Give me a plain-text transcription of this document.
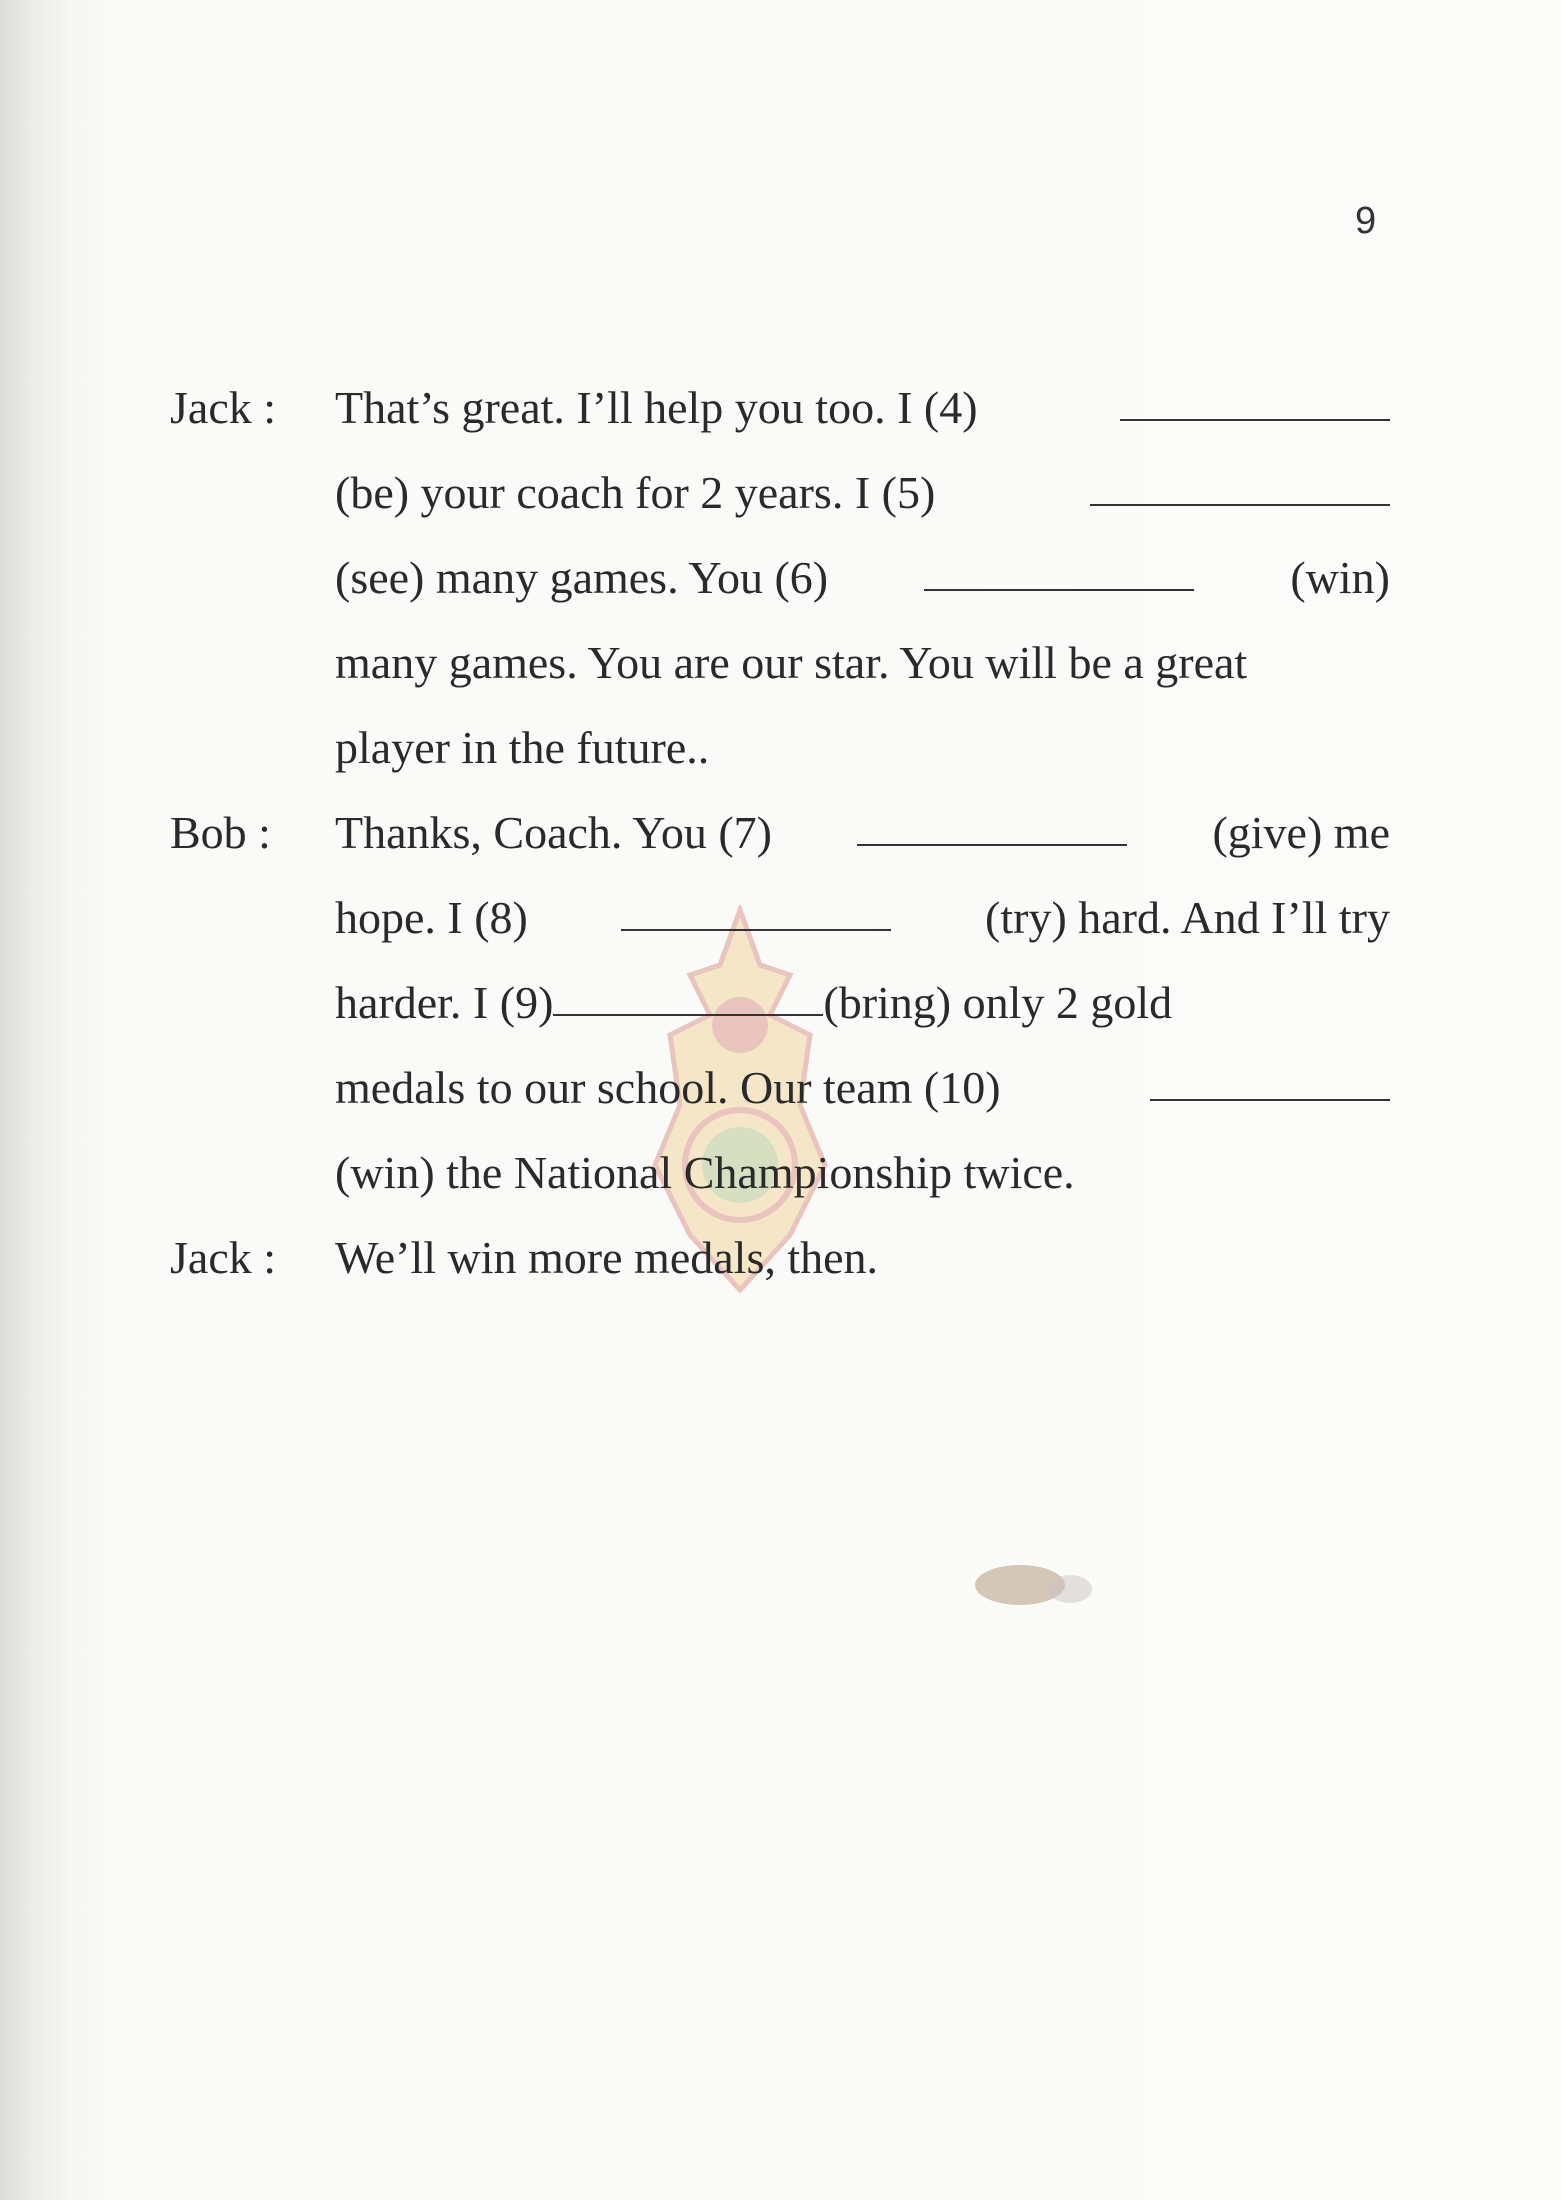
9
Jack :	That’s great. I’ll help you too. I (4)
(be) your coach for 2 years. I (5)
(see) many games. You (6)	(win)
many games. You are our star. You will be a great
player in the future..
Bob :	Thanks, Coach. You (7)	(give) me
hope. I (8)	(try) hard. And I’ll try
harder. I (9)	(bring) only 2 gold
medals to our school. Our team (10)
(win) the National Championship twice.
Jack :	We’ll win more medals, then.
